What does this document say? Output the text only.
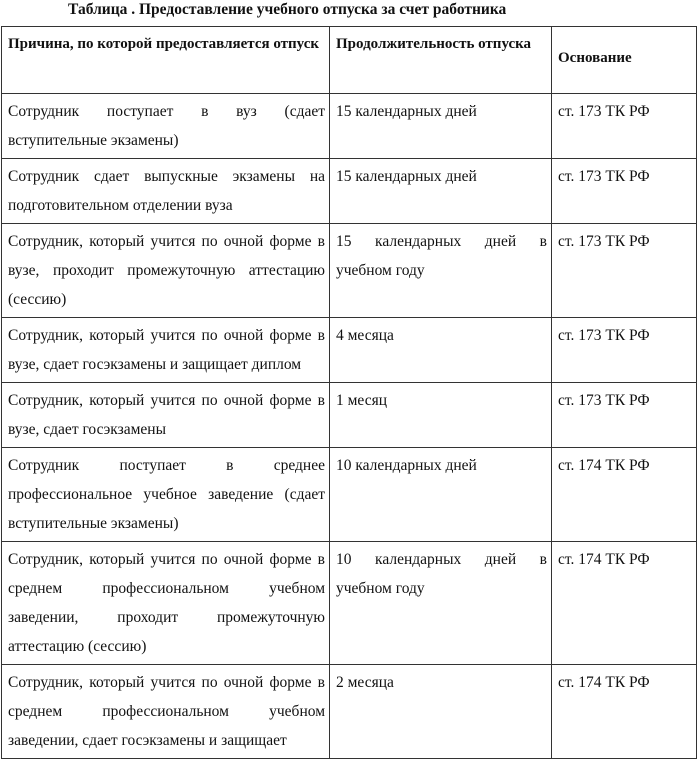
Таблица . Предоставление учебного отпуска за счет работника
Причина, по которой предоставляется отпуск	Продолжительность отпуска	Основание
Сотрудник поступает в вуз (сдает вступительные экзамены)	15 календарных дней	ст. 173 ТК РФ
Сотрудник сдает выпускные экзамены на подготовительном отделении вуза	15 календарных дней	ст. 173 ТК РФ
Сотрудник, который учится по очной форме в вузе, проходит промежуточную аттестацию (сессию)	15 календарных дней в учебном году	ст. 173 ТК РФ
Сотрудник, который учится по очной форме в вузе, сдает госэкзамены и защищает диплом	4 месяца	ст. 173 ТК РФ
Сотрудник, который учится по очной форме в вузе, сдает госэкзамены	1 месяц	ст. 173 ТК РФ
Сотрудник поступает в среднее профессиональное учебное заведение (сдает вступительные экзамены)	10 календарных дней	ст. 174 ТК РФ
Сотрудник, который учится по очной форме в среднем профессиональном учебном заведении, проходит промежуточную аттестацию (сессию)	10 календарных дней в учебном году	ст. 174 ТК РФ
Сотрудник, который учится по очной форме в среднем профессиональном учебном заведении, сдает госэкзамены и защищает	2 месяца	ст. 174 ТК РФ
